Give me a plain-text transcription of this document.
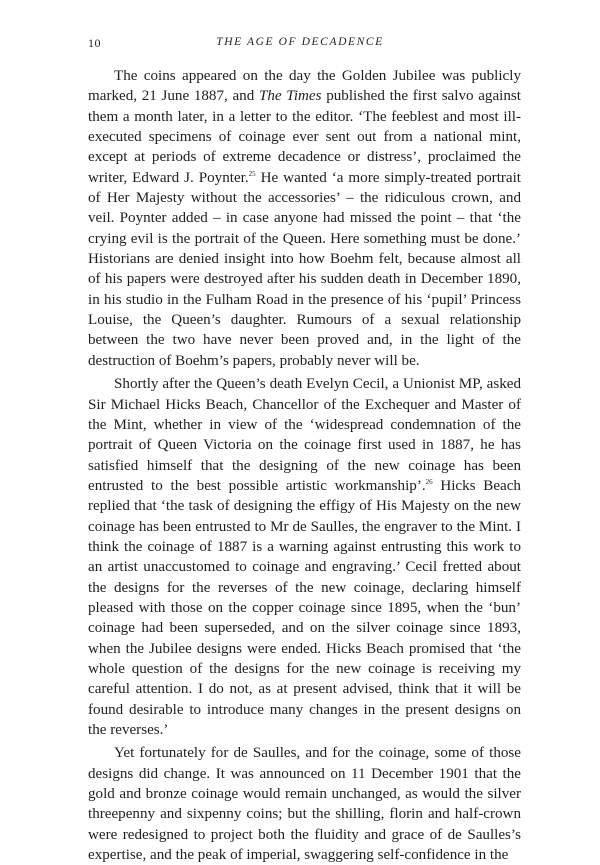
10	THE AGE OF DECADENCE

The coins appeared on the day the Golden Jubilee was publicly marked, 21 June 1887, and The Times published the first salvo against them a month later, in a letter to the editor. ‘The feeblest and most ill-executed specimens of coinage ever sent out from a national mint, except at periods of extreme decadence or distress’, proclaimed the writer, Edward J. Poynter.$^{25}$ He wanted ‘a more simply-treated portrait of Her Majesty without the accessories’ – the ridiculous crown, and veil. Poynter added – in case anyone had missed the point – that ‘the crying evil is the portrait of the Queen. Here something must be done.’ Historians are denied insight into how Boehm felt, because almost all of his papers were destroyed after his sudden death in December 1890, in his studio in the Fulham Road in the presence of his ‘pupil’ Princess Louise, the Queen’s daughter. Rumours of a sexual relationship between the two have never been proved and, in the light of the destruction of Boehm’s papers, probably never will be.

Shortly after the Queen’s death Evelyn Cecil, a Unionist MP, asked Sir Michael Hicks Beach, Chancellor of the Exchequer and Master of the Mint, whether in view of the ‘widespread condemnation of the portrait of Queen Victoria on the coinage first used in 1887, he has satisfied himself that the designing of the new coinage has been entrusted to the best possible artistic workmanship’.$^{26}$ Hicks Beach replied that ‘the task of designing the effigy of His Majesty on the new coinage has been entrusted to Mr de Saulles, the engraver to the Mint. I think the coinage of 1887 is a warning against entrusting this work to an artist unaccustomed to coinage and engraving.’ Cecil fretted about the designs for the reverses of the new coinage, declaring himself pleased with those on the copper coinage since 1895, when the ‘bun’ coinage had been superseded, and on the silver coinage since 1893, when the Jubilee designs were ended. Hicks Beach promised that ‘the whole question of the designs for the new coinage is receiving my careful attention. I do not, as at present advised, think that it will be found desirable to introduce many changes in the present designs on the reverses.’

Yet fortunately for de Saulles, and for the coinage, some of those designs did change. It was announced on 11 December 1901 that the gold and bronze coinage would remain unchanged, as would the silver threepenny and sixpenny coins; but the shilling, florin and half-crown were redesigned to project both the fluidity and grace of de Saulles’s expertise, and the peak of imperial, swaggering self-confidence in the
